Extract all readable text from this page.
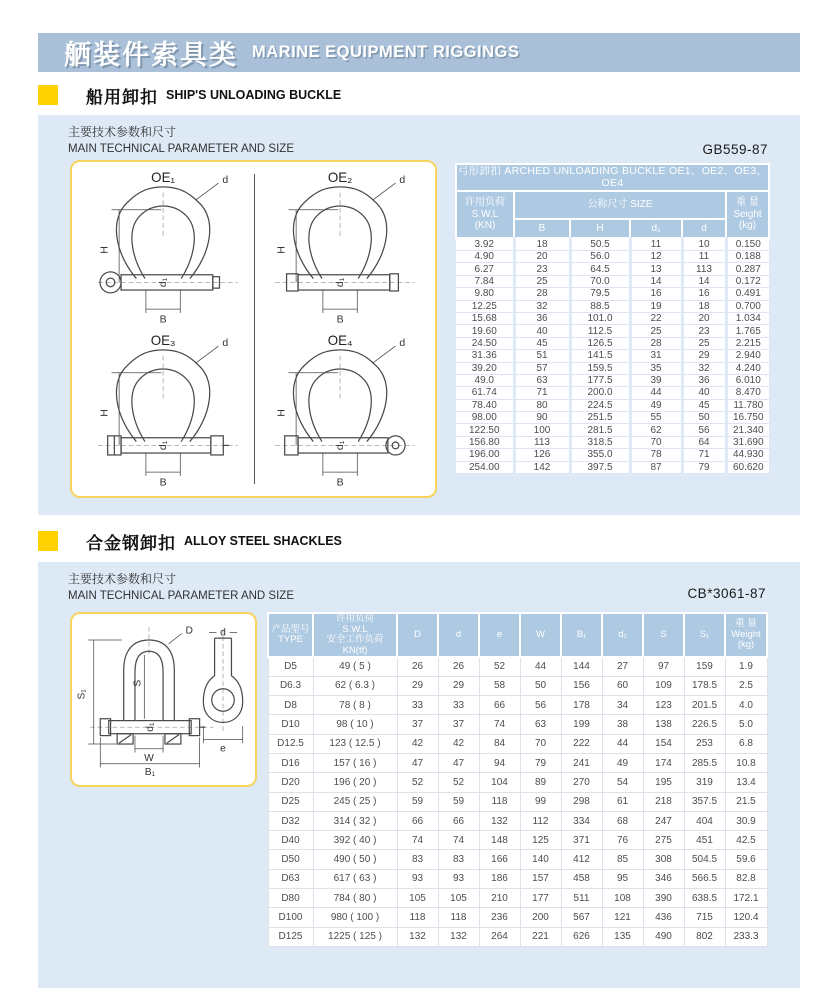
舾装件索具类 MARINE EQUIPMENT RIGGINGS
船用卸扣 SHIP'S UNLOADING BUCKLE
主要技术参数和尺寸
MAIN TECHNICAL PARAMETER AND SIZE	GB559-87
OE₁
H
B
d
d₁
OE₂
H
B
d
d₁
OE₃
H
B
d
d₁
OE₄
H
B
d
d₁
弓形卸扣 ARCHED UNLOADING BUCKLE OE1、OE2、OE3、OE4					

许用负荷
S.W.L
(KN)
	公称尺寸 SIZE	重 量
Seight
(kg)

	B	H	d₁	d	
3.92	18	50.5	11	10	0.150
4.90	20	56.0	12	11	0.188
6.27	23	64.5	13	113	0.287
7.84	25	70.0	14	14	0.172
9.80	28	79.5	16	16	0.491
12.25	32	88.5	19	18	0.700
15.68	36	101.0	22	20	1.034
19.60	40	112.5	25	23	1.765
24.50	45	126.5	28	25	2.215
31.36	51	141.5	31	29	2.940
39.20	57	159.5	35	32	4.240
49.0	63	177.5	39	36	6.010
61.74	71	200.0	44	40	8.470
78.40	80	224.5	49	45	11.780
98.00	90	251.5	55	50	16.750
122.50	100	281.5	62	56	21.340
156.80	113	318.5	70	64	31.690
196.00	126	355.0	78	71	44.930
254.00	142	397.5	87	79	60.620
合金钢卸扣 ALLOY STEEL SHACKLES
主要技术参数和尺寸
MAIN TECHNICAL PARAMETER AND SIZE	CB*3061-87
S₁
S
D
W
B₁
d₁
d
e
产品型号
TYPE

许用负荷
S.W.L
安全工作负荷
KN(tf)
	D	d	e	W	B₁	d₁	S	S₁	
重 量
Weight
(kg)

D5	49 ( 5 )	26	26	52	44	144	27	97	159	1.9
D6.3	62 ( 6.3 )	29	29	58	50	156	60	109	178.5	2.5
D8	78 ( 8 )	33	33	66	56	178	34	123	201.5	4.0
D10	98 ( 10 )	37	37	74	63	199	38	138	226.5	5.0
D12.5	123 ( 12.5 )	42	42	84	70	222	44	154	253	6.8
D16	157 ( 16 )	47	47	94	79	241	49	174	285.5	10.8
D20	196 ( 20 )	52	52	104	89	270	54	195	319	13.4
D25	245 ( 25 )	59	59	118	99	298	61	218	357.5	21.5
D32	314 ( 32 )	66	66	132	112	334	68	247	404	30.9
D40	392 ( 40 )	74	74	148	125	371	76	275	451	42.5
D50	490 ( 50 )	83	83	166	140	412	85	308	504.5	59.6
D63	617 ( 63 )	93	93	186	157	458	95	346	566.5	82.8
D80	784 ( 80 )	105	105	210	177	511	108	390	638.5	172.1
D100	980 ( 100 )	118	118	236	200	567	121	436	715	120.4
D125	1225 ( 125 )	132	132	264	221	626	135	490	802	233.3
